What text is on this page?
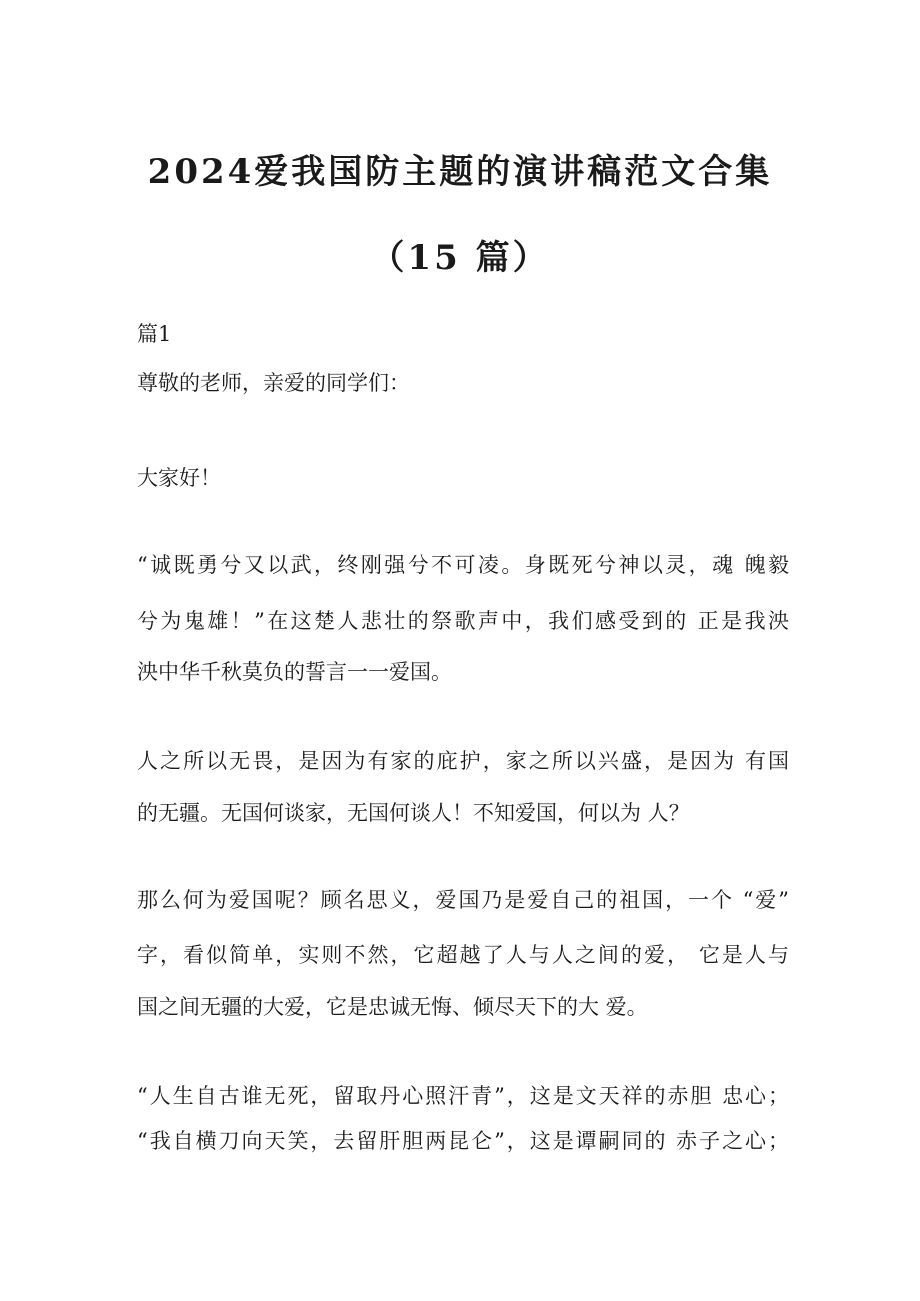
2024爱我国防主题的演讲稿范文合集
（15 篇）
篇1
尊敬的老师，亲爱的同学们：
大家好！
“诚既勇兮又以武，终刚强兮不可凌。身既死兮神以灵，魂 魄毅
兮为鬼雄！”在这楚人悲壮的祭歌声中，我们感受到的 正是我泱
泱中华千秋莫负的誓言一一爱国。
人之所以无畏，是因为有家的庇护，家之所以兴盛，是因为 有国
的无疆。无国何谈家，无国何谈人！不知爱国，何以为 人？
那么何为爱国呢？顾名思义，爱国乃是爱自己的祖国，一个 “爱”
字，看似简单，实则不然，它超越了人与人之间的爱， 它是人与
国之间无疆的大爱，它是忠诚无悔、倾尽天下的大 爱。
“人生自古谁无死，留取丹心照汗青”，这是文天祥的赤胆 忠心；
“我自横刀向天笑，去留肝胆两昆仑”，这是谭嗣同的 赤子之心；
